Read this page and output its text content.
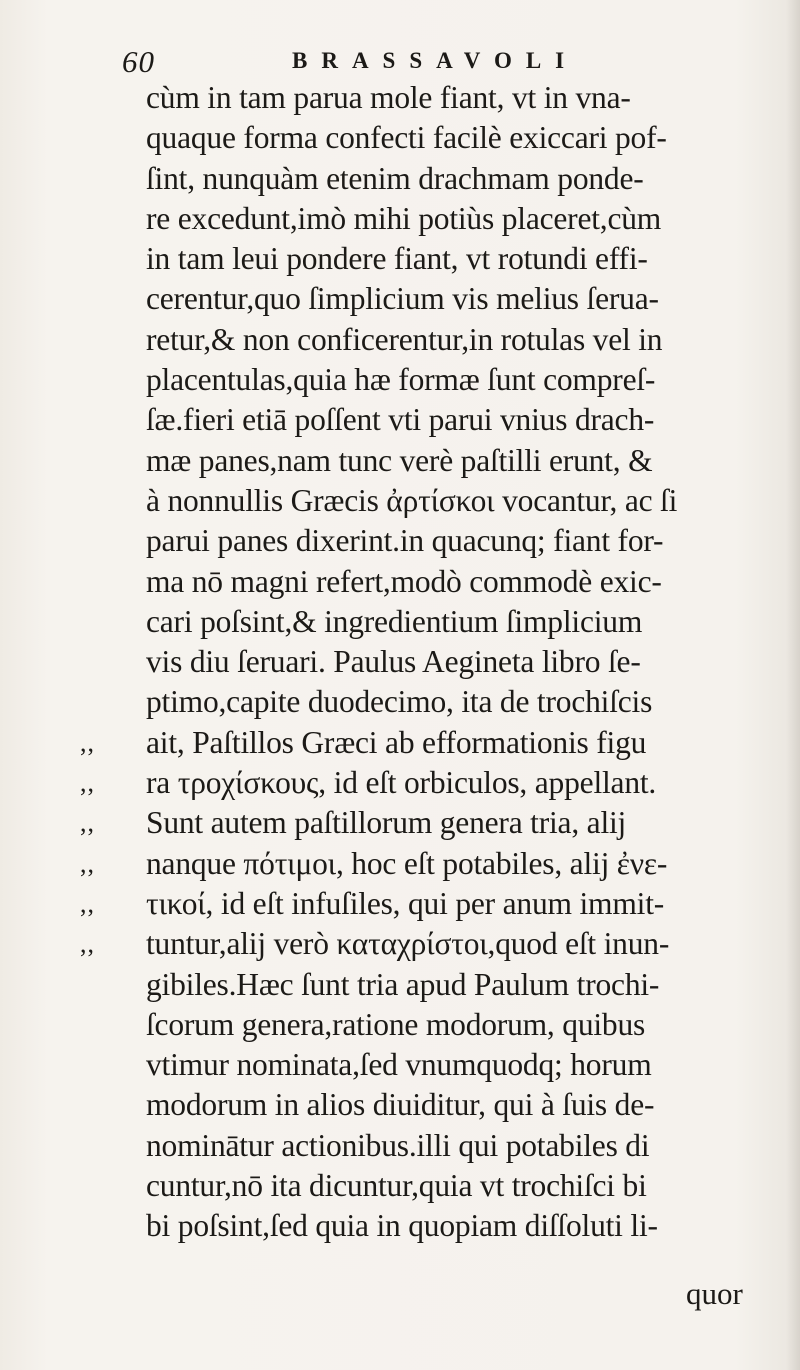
60	BRASSAVOLI
cùm in tam parua mole fiant, vt in vna-
quaque forma confecti facilè exiccari pof-
ſint, nunquàm etenim drachmam ponde-
re excedunt,imò mihi potiùs placeret,cùm
in tam leui pondere fiant, vt rotundi effi-
cerentur,quo ſimplicium vis melius ſerua-
retur,& non conficerentur,in rotulas vel in
placentulas,quia hæ formæ ſunt compreſ-
ſæ.fieri etiā poſſent vti parui vnius drach-
mæ panes,nam tunc verè paſtilli erunt, &
à nonnullis Græcis ἀρτίσκοι vocantur, ac ſi
parui panes dixerint.in quacunq; fiant for-
ma nō magni refert,modò commodè exic-
cari poſsint,& ingredientium ſimplicium
vis diu ſeruari. Paulus Aegineta libro ſe-
ptimo,capite duodecimo, ita de trochiſcis
,,	ait, Paſtillos Græci ab efformationis figu
,,	ra τροχίσκους, id eſt orbiculos, appellant.
,,	Sunt autem paſtillorum genera tria, alij
,,	nanque πότιμοι, hoc eſt potabiles, alij ἐνε-
,,	τικοί, id eſt infuſiles, qui per anum immit-
,,	tuntur,alij verò καταχρίστοι,quod eſt inun-
gibiles.Hæc ſunt tria apud Paulum trochi-
ſcorum genera,ratione modorum, quibus
vtimur nominata,ſed vnumquodq; horum
modorum in alios diuiditur, qui à ſuis de-
nominātur actionibus.illi qui potabiles di
cuntur,nō ita dicuntur,quia vt trochiſci bi
bi poſsint,ſed quia in quopiam diſſoluti li-
quor
